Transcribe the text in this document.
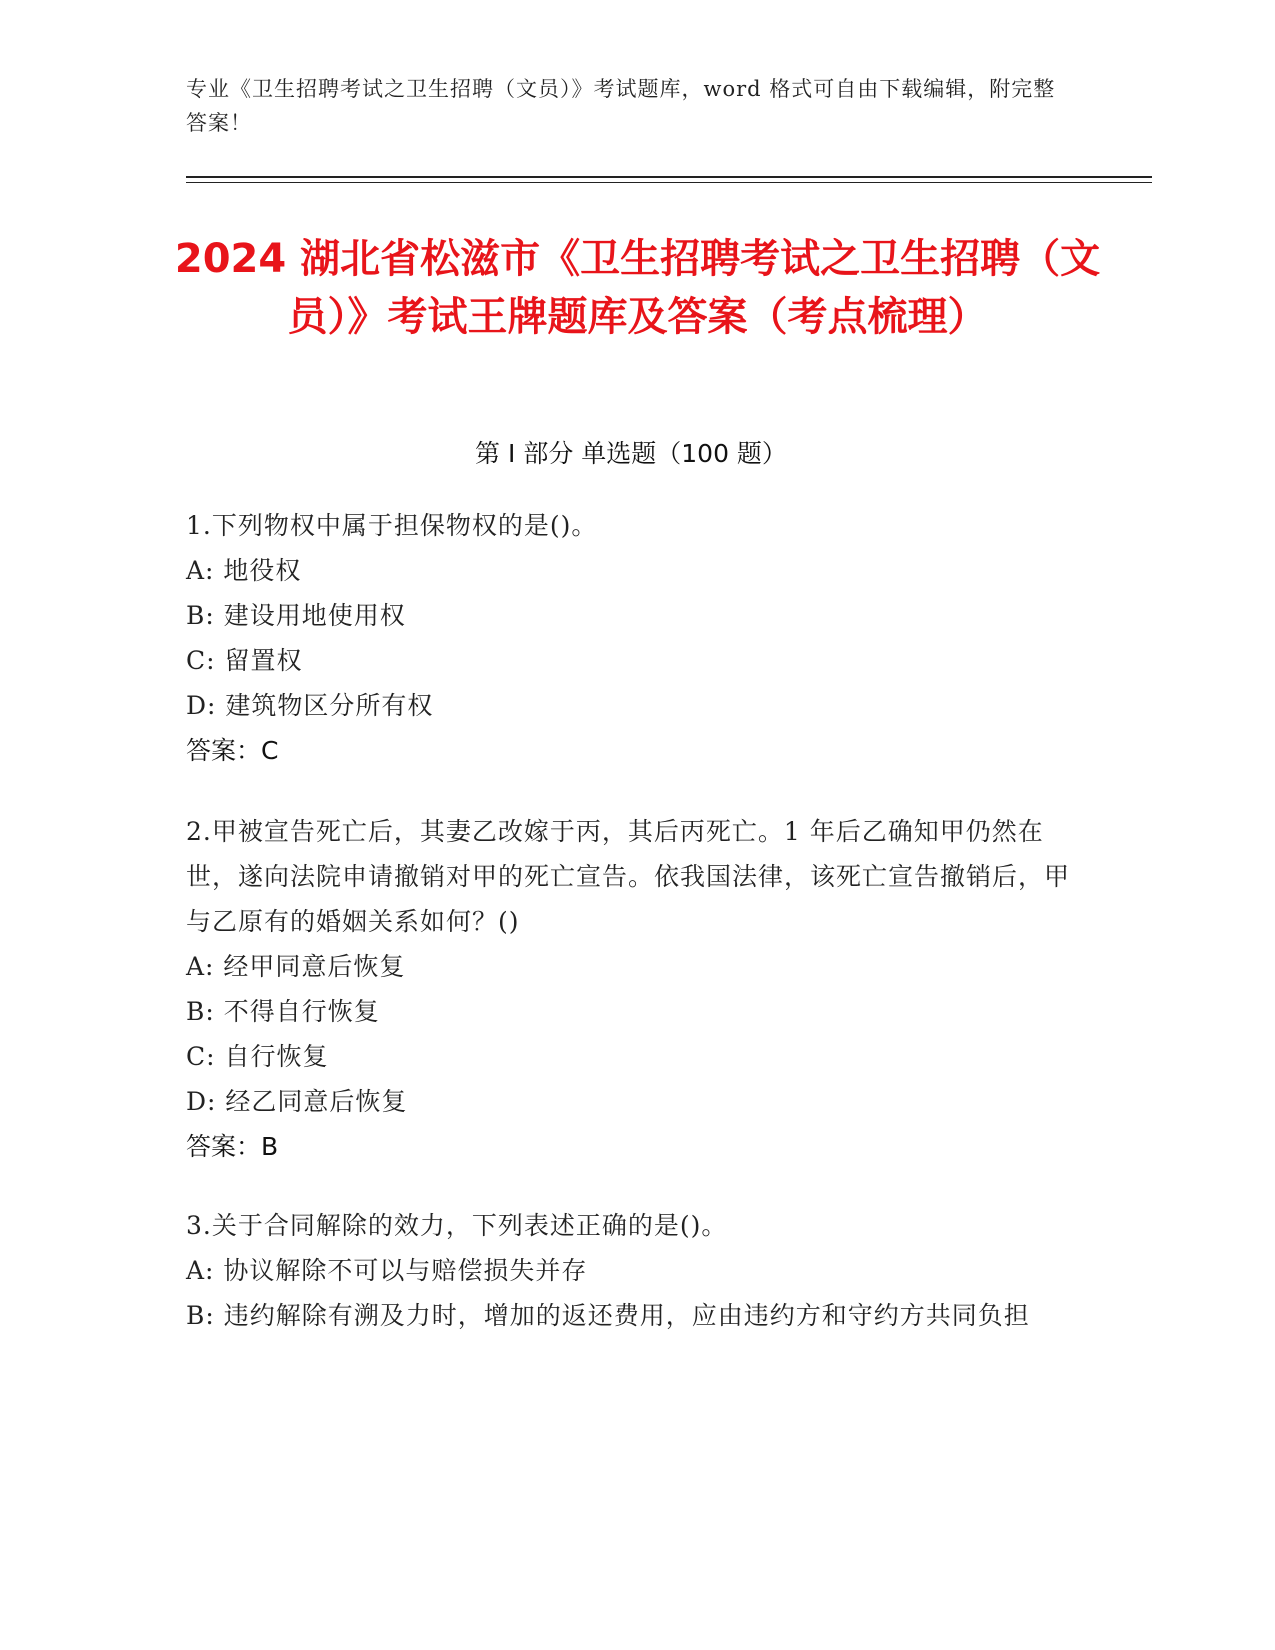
专业《卫生招聘考试之卫生招聘（文员）》考试题库，word 格式可自由下载编辑，附完整答案！
2024 湖北省松滋市《卫生招聘考试之卫生招聘（文员）》考试王牌题库及答案（考点梳理）
第 I 部分 单选题（100 题）
1.下列物权中属于担保物权的是()。
A: 地役权
B: 建设用地使用权
C: 留置权
D: 建筑物区分所有权
答案：C
2.甲被宣告死亡后，其妻乙改嫁于丙，其后丙死亡。1 年后乙确知甲仍然在世，遂向法院申请撤销对甲的死亡宣告。依我国法律，该死亡宣告撤销后，甲与乙原有的婚姻关系如何？()
A: 经甲同意后恢复
B: 不得自行恢复
C: 自行恢复
D: 经乙同意后恢复
答案：B
3.关于合同解除的效力，下列表述正确的是()。
A: 协议解除不可以与赔偿损失并存
B: 违约解除有溯及力时，增加的返还费用，应由违约方和守约方共同负担
